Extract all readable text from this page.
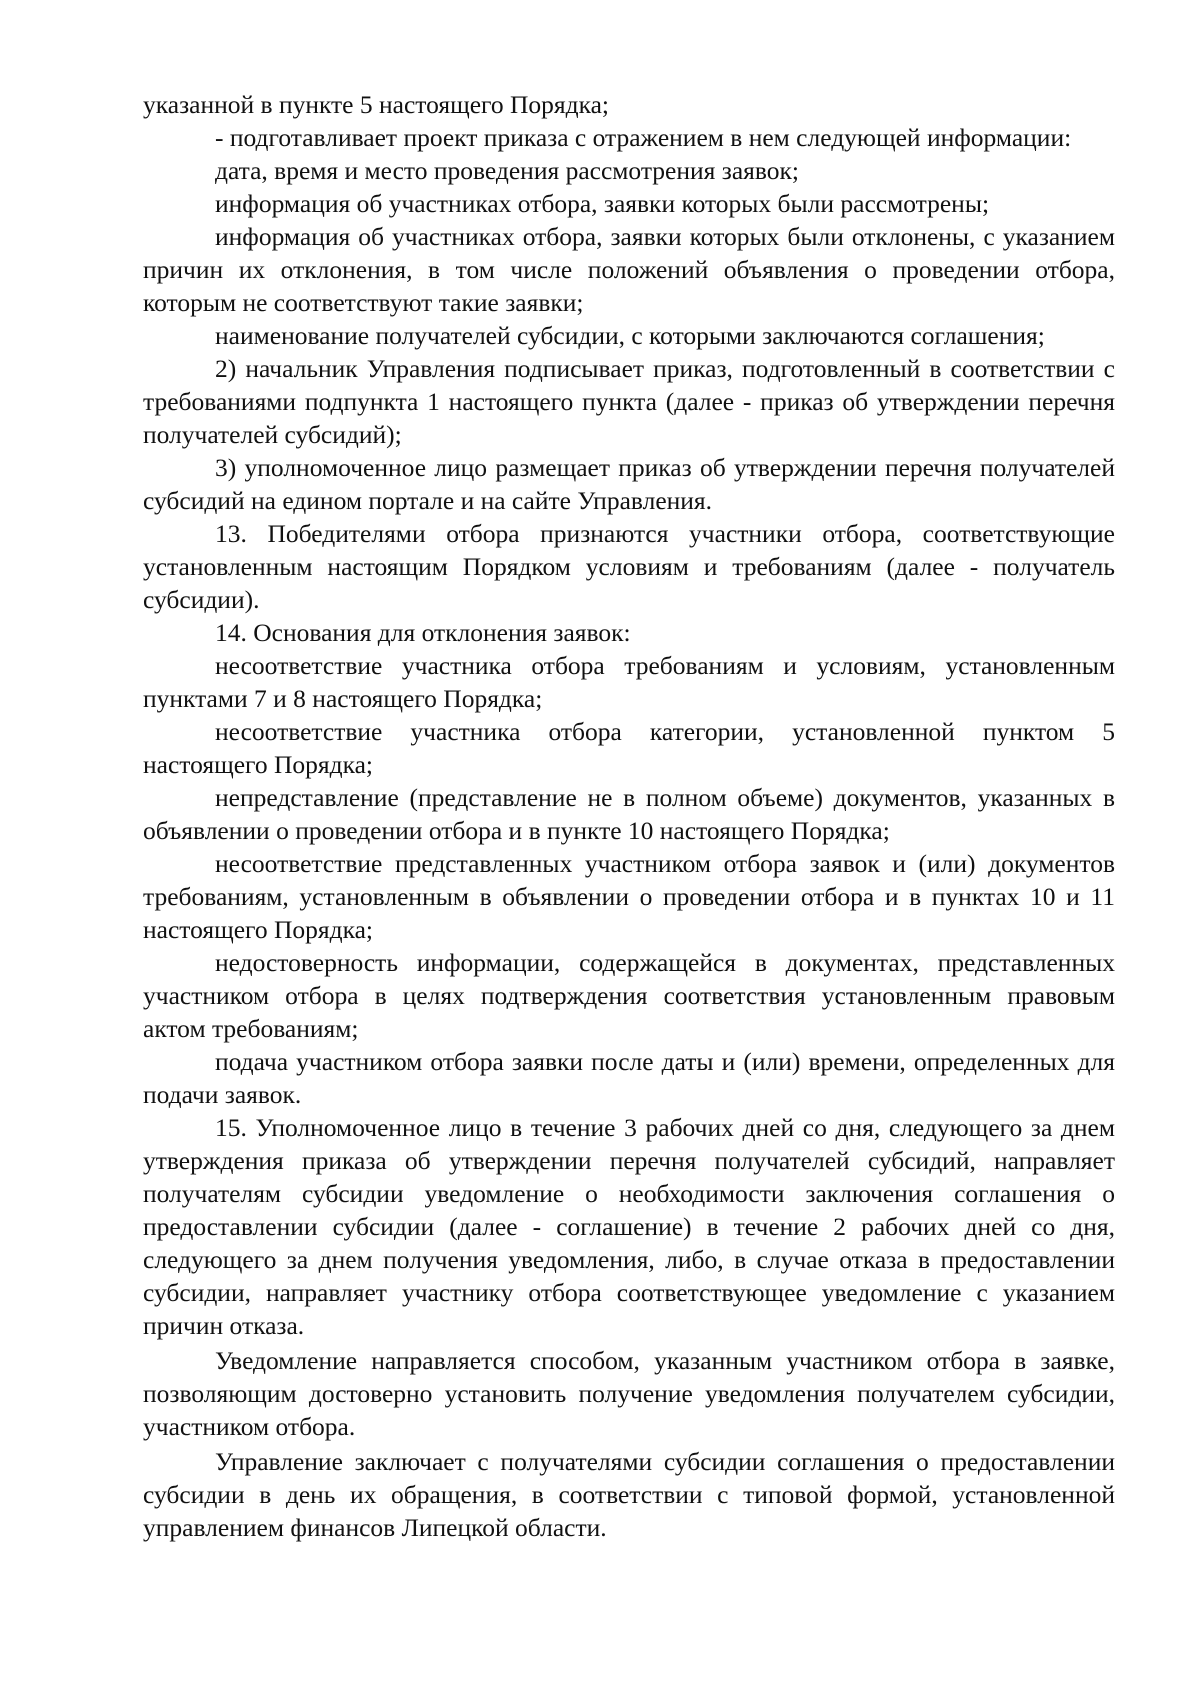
указанной в пункте 5 настоящего Порядка;

- подготавливает проект приказа с отражением в нем следующей информации:

дата, время и место проведения рассмотрения заявок;

информация об участниках отбора, заявки которых были рассмотрены;

информация об участниках отбора, заявки которых были отклонены, с указанием причин их отклонения, в том числе положений объявления о проведении отбора, которым не соответствуют такие заявки;

наименование получателей субсидии, с которыми заключаются соглашения;

2) начальник Управления подписывает приказ, подготовленный в соответствии с требованиями подпункта 1 настоящего пункта (далее - приказ об утверждении перечня получателей субсидий);

3) уполномоченное лицо размещает приказ об утверждении перечня получателей субсидий на едином портале и на сайте Управления.

13. Победителями отбора признаются участники отбора, соответствующие установленным настоящим Порядком условиям и требованиям (далее - получатель субсидии).

14. Основания для отклонения заявок:

несоответствие участника отбора требованиям и условиям, установленным пунктами 7 и 8 настоящего Порядка;

несоответствие участника отбора категории, установленной пунктом 5 настоящего Порядка;

непредставление (представление не в полном объеме) документов, указанных в объявлении о проведении отбора и в пункте 10 настоящего Порядка;

несоответствие представленных участником отбора заявок и (или) документов требованиям, установленным в объявлении о проведении отбора и в пунктах 10 и 11 настоящего Порядка;

недостоверность информации, содержащейся в документах, представленных участником отбора в целях подтверждения соответствия установленным правовым актом требованиям;

подача участником отбора заявки после даты и (или) времени, определенных для подачи заявок.

15. Уполномоченное лицо в течение 3 рабочих дней со дня, следующего за днем утверждения приказа об утверждении перечня получателей субсидий, направляет получателям субсидии уведомление о необходимости заключения соглашения о предоставлении субсидии (далее - соглашение) в течение 2 рабочих дней со дня, следующего за днем получения уведомления, либо, в случае отказа в предоставлении субсидии, направляет участнику отбора соответствующее уведомление с указанием причин отказа.

Уведомление направляется способом, указанным участником отбора в заявке, позволяющим достоверно установить получение уведомления получателем субсидии, участником отбора.

Управление заключает с получателями субсидии соглашения о предоставлении субсидии в день их обращения, в соответствии с типовой формой, установленной управлением финансов Липецкой области.
